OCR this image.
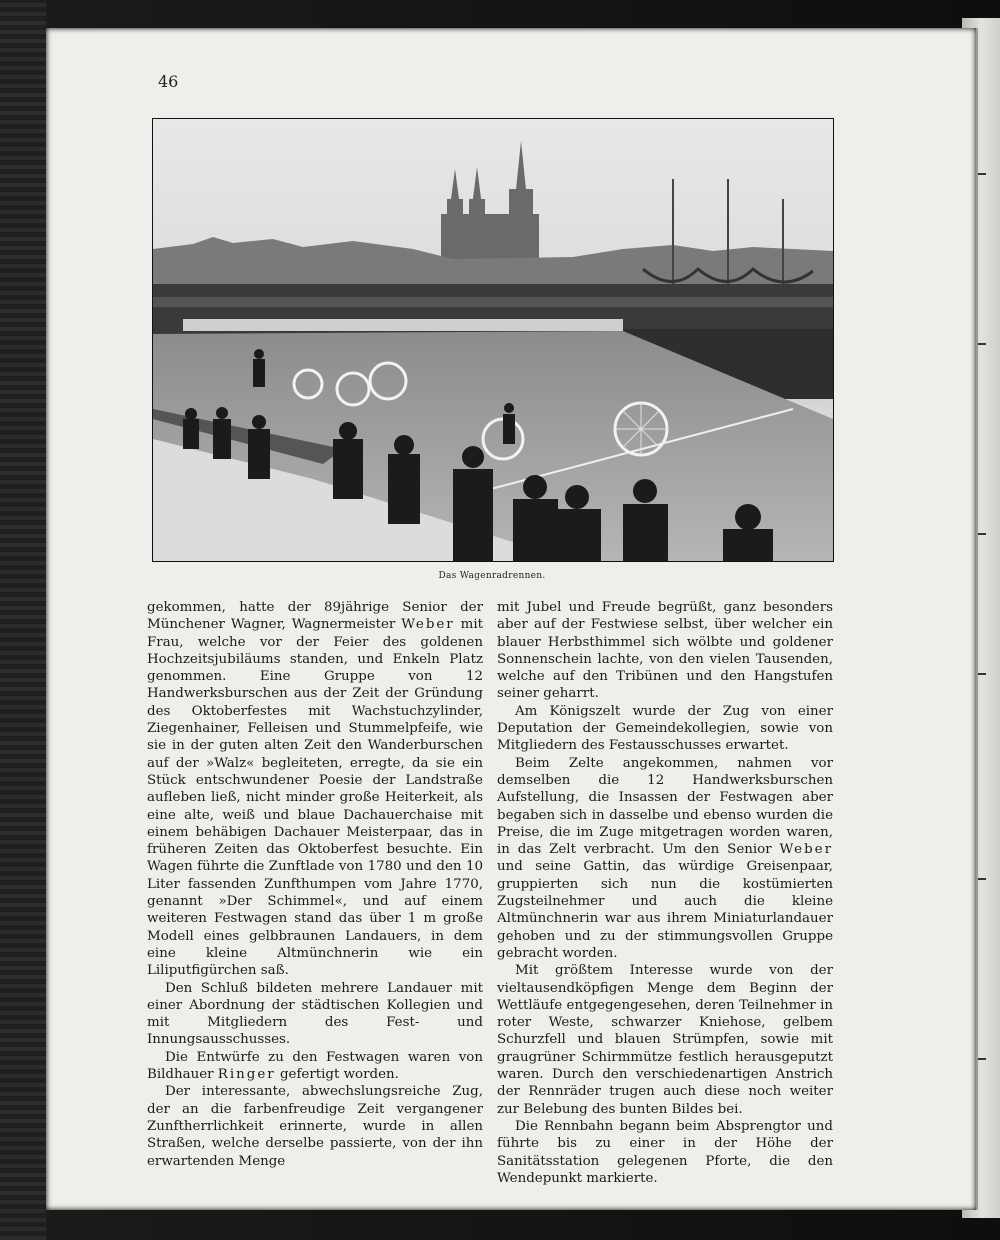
46
Das Wagenradrennen.

gekommen, hatte der 89jährige Senior der Münchener Wagner, Wagnermeister Weber mit Frau, welche vor der Feier des goldenen Hochzeitsjubiläums standen, und Enkeln Platz genommen. Eine Gruppe von 12 Handwerksburschen aus der Zeit der Gründung des Oktoberfestes mit Wachstuchzylinder, Ziegenhainer, Felleisen und Stummelpfeife, wie sie in der guten alten Zeit den Wanderburschen auf der »Walz« begleiteten, erregte, da sie ein Stück entschwundener Poesie der Landstraße aufleben ließ, nicht minder große Heiterkeit, als eine alte, weiß und blaue Dachauerchaise mit einem behäbigen Dachauer Meisterpaar, das in früheren Zeiten das Oktoberfest besuchte. Ein Wagen führte die Zunftlade von 1780 und den 10 Liter fassenden Zunfthumpen vom Jahre 1770, genannt »Der Schimmel«, und auf einem weiteren Festwagen stand das über 1 m große Modell eines gelbbraunen Landauers, in dem eine kleine Altmünchnerin wie ein Liliputfigürchen saß.

Den Schluß bildeten mehrere Landauer mit einer Abordnung der städtischen Kollegien und mit Mitgliedern des Fest- und Innungsausschusses.

Die Entwürfe zu den Festwagen waren von Bildhauer Ringer gefertigt worden.

Der interessante, abwechslungsreiche Zug, der an die farbenfreudige Zeit vergangener Zunftherrlichkeit erinnerte, wurde in allen Straßen, welche derselbe passierte, von der ihn erwartenden Menge

mit Jubel und Freude begrüßt, ganz besonders aber auf der Festwiese selbst, über welcher ein blauer Herbsthimmel sich wölbte und goldener Sonnenschein lachte, von den vielen Tausenden, welche auf den Tribünen und den Hangstufen seiner geharrt.

Am Königszelt wurde der Zug von einer Deputation der Gemeindekollegien, sowie von Mitgliedern des Festausschusses erwartet.

Beim Zelte angekommen, nahmen vor demselben die 12 Handwerksburschen Aufstellung, die Insassen der Festwagen aber begaben sich in dasselbe und ebenso wurden die Preise, die im Zuge mitgetragen worden waren, in das Zelt verbracht. Um den Senior Weber und seine Gattin, das würdige Greisenpaar, gruppierten sich nun die kostümierten Zugsteilnehmer und auch die kleine Altmünchnerin war aus ihrem Miniaturlandauer gehoben und zu der stimmungsvollen Gruppe gebracht worden.

Mit größtem Interesse wurde von der vieltausendköpfigen Menge dem Beginn der Wettläufe entgegengesehen, deren Teilnehmer in roter Weste, schwarzer Kniehose, gelbem Schurzfell und blauen Strümpfen, sowie mit graugrüner Schirmmütze festlich herausgeputzt waren. Durch den verschiedenartigen Anstrich der Rennräder trugen auch diese noch weiter zur Belebung des bunten Bildes bei.

Die Rennbahn begann beim Absprengtor und führte bis zu einer in der Höhe der Sanitätsstation gelegenen Pforte, die den Wendepunkt markierte.
